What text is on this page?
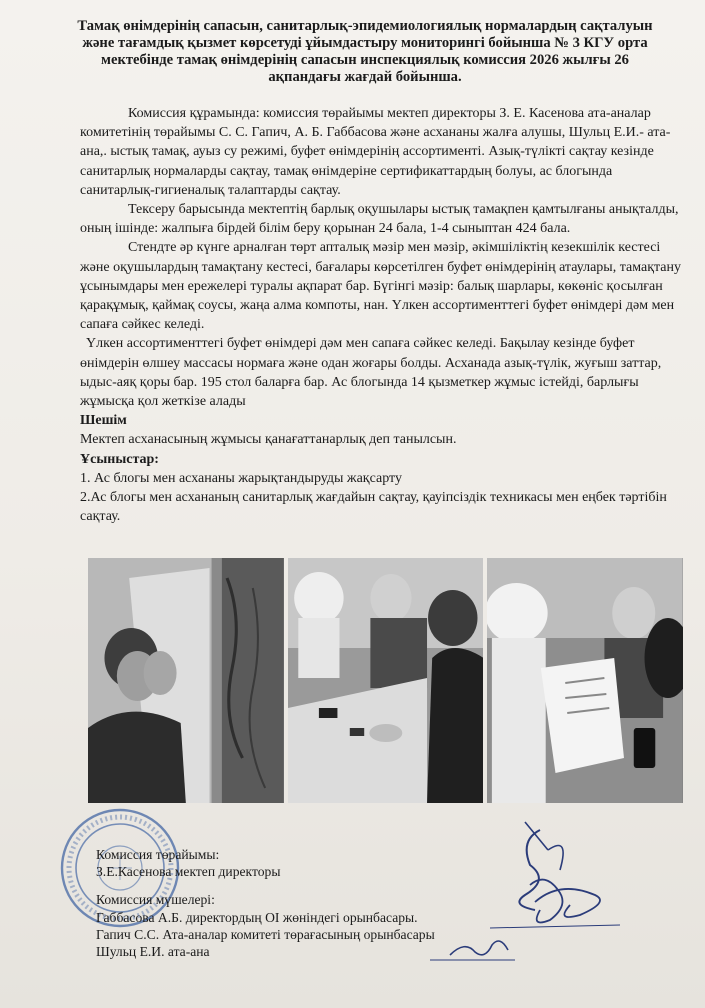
Тамақ өнімдерінің сапасын, санитарлық-эпидемиологиялық нормалардың сақталуын және тағамдық қызмет көрсетуді ұйымдастыру мониторингі бойынша № 3 КГУ орта мектебінде тамақ өнімдерінің сапасын инспекциялық комиссия 2026 жылғы 26 ақпандағы жағдай бойынша.

Комиссия құрамында: комиссия төрайымы мектеп директоры З. Е. Касенова ата-аналар комитетінің төрайымы С. С. Гапич, А. Б. Габбасова және асхананы жалға алушы, Шульц Е.И.- ата-ана,. ыстық тамақ, ауыз су режимі, буфет өнімдерінің ассортименті. Азық-түлікті сақтау кезінде санитарлық нормаларды сақтау, тамақ өнімдеріне сертификаттардың болуы, ас блогында санитарлық-гигиеналық талаптарды сақтау.

Тексеру барысында мектептің барлық оқушылары ыстық тамақпен қамтылғаны анықталды, оның ішінде: жалпыға бірдей білім беру қорынан 24 бала, 1-4 сыныптан 424 бала.

Стендте әр күнге арналған төрт апталық мәзір мен мәзір, әкімшіліктің кезекшілік кестесі және оқушылардың тамақтану кестесі, бағалары көрсетілген буфет өнімдерінің атаулары, тамақтану ұсынымдары мен ережелері туралы ақпарат бар. Бүгінгі мәзір: балық шарлары, көкөніс қосылған қарақұмық, қаймақ соусы, жаңа алма компоты, нан. Үлкен ассортименттегі буфет өнімдері дәм мен сапаға сәйкес келеді.

Үлкен ассортименттегі буфет өнімдері дәм мен сапаға сәйкес келеді. Бақылау кезінде буфет өнімдерін өлшеу массасы нормаға және одан жоғары болды. Асханада азық-түлік, жуғыш заттар, ыдыс-аяқ қоры бар. 195 стол баларға бар. Ас блогында 14 қызметкер жұмыс істейді, барлығы жұмысқа қол жеткізе алады

Шешім

Мектеп асханасының жұмысы қанағаттанарлық деп танылсын.

Ұсыныстар:

1. Ас блогы мен асхананы жарықтандыруды жақсарту

2.Ас блогы мен асхананың санитарлық жағдайын сақтау, қауіпсіздік техникасы мен еңбек тәртібін сақтау.

Комиссия төрайымы:

З.Е.Касенова мектеп директоры

Комиссия мүшелері:

Габбасова А.Б. директордың ОІ жөніндегі орынбасары.

Гапич С.С. Ата-аналар комитеті төрағасының орынбасары

Шульц Е.И. ата-ана
